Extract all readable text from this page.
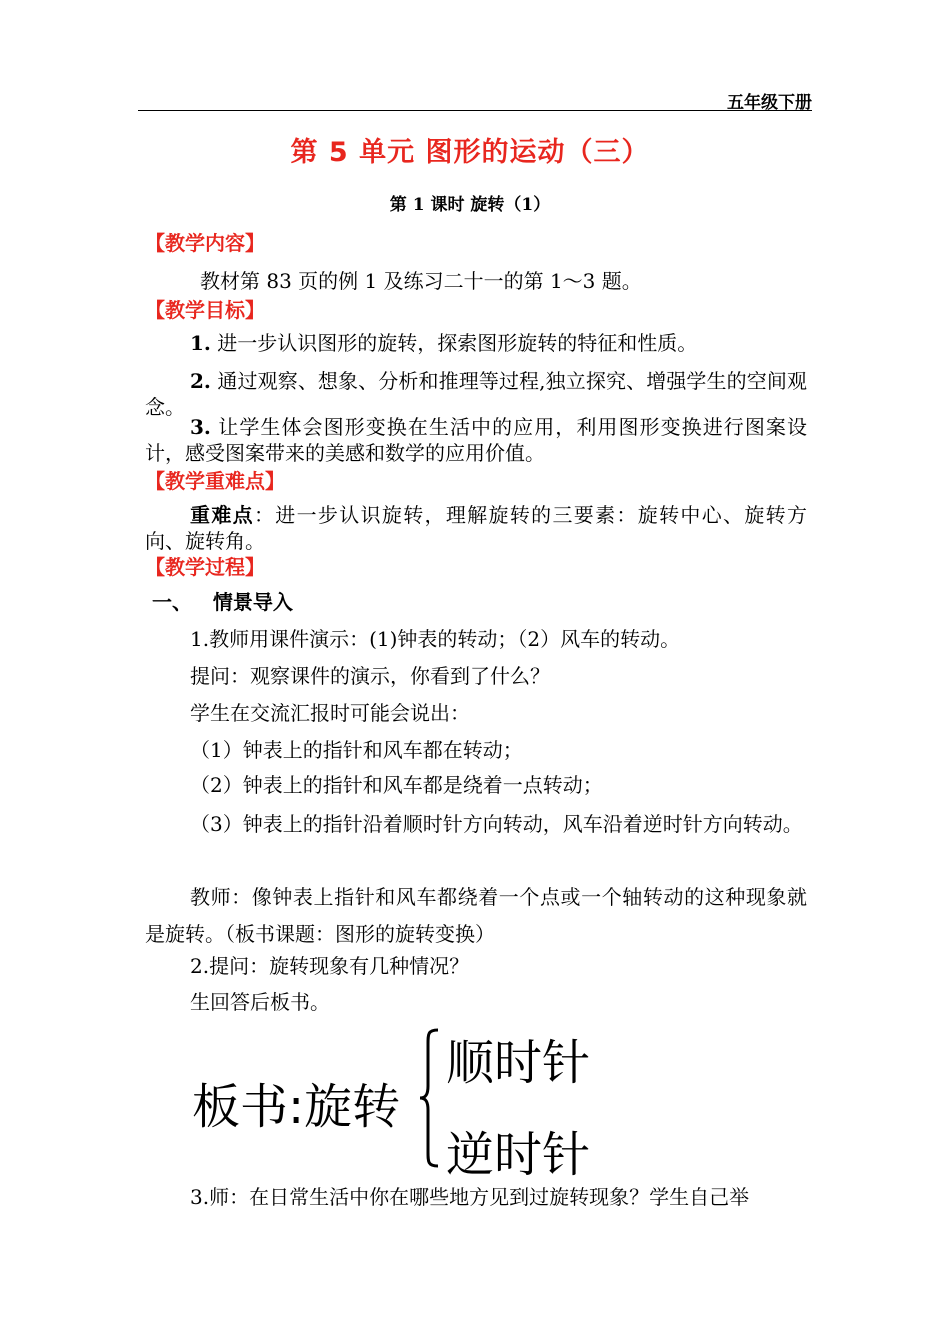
五年级下册
第 5 单元 图形的运动（三）
第 1 课时 旋转（1）
【教学内容】
教材第 83 页的例 1 及练习二十一的第 1～3 题。
【教学目标】
1. 进一步认识图形的旋转，探索图形旋转的特征和性质。
2. 通过观察、想象、分析和推理等过程,独立探究、增强学生的空间观念。
3. 让学生体会图形变换在生活中的应用，利用图形变换进行图案设计，感受图案带来的美感和数学的应用价值。
【教学重难点】
重难点：进一步认识旋转，理解旋转的三要素：旋转中心、旋转方向、旋转角。
【教学过程】
一、   情景导入
1.教师用课件演示：(1)钟表的转动；（2）风车的转动。
提问：观察课件的演示，你看到了什么？
学生在交流汇报时可能会说出：
（1）钟表上的指针和风车都在转动；
（2）钟表上的指针和风车都是绕着一点转动；
（3）钟表上的指针沿着顺时针方向转动，风车沿着逆时针方向转动。
教师：像钟表上指针和风车都绕着一个点或一个轴转动的这种现象就是旋转。（板书课题：图形的旋转变换）
2.提问：旋转现象有几种情况？
生回答后板书。
板书:旋转
顺时针
逆时针
3.师：在日常生活中你在哪些地方见到过旋转现象？学生自己举
